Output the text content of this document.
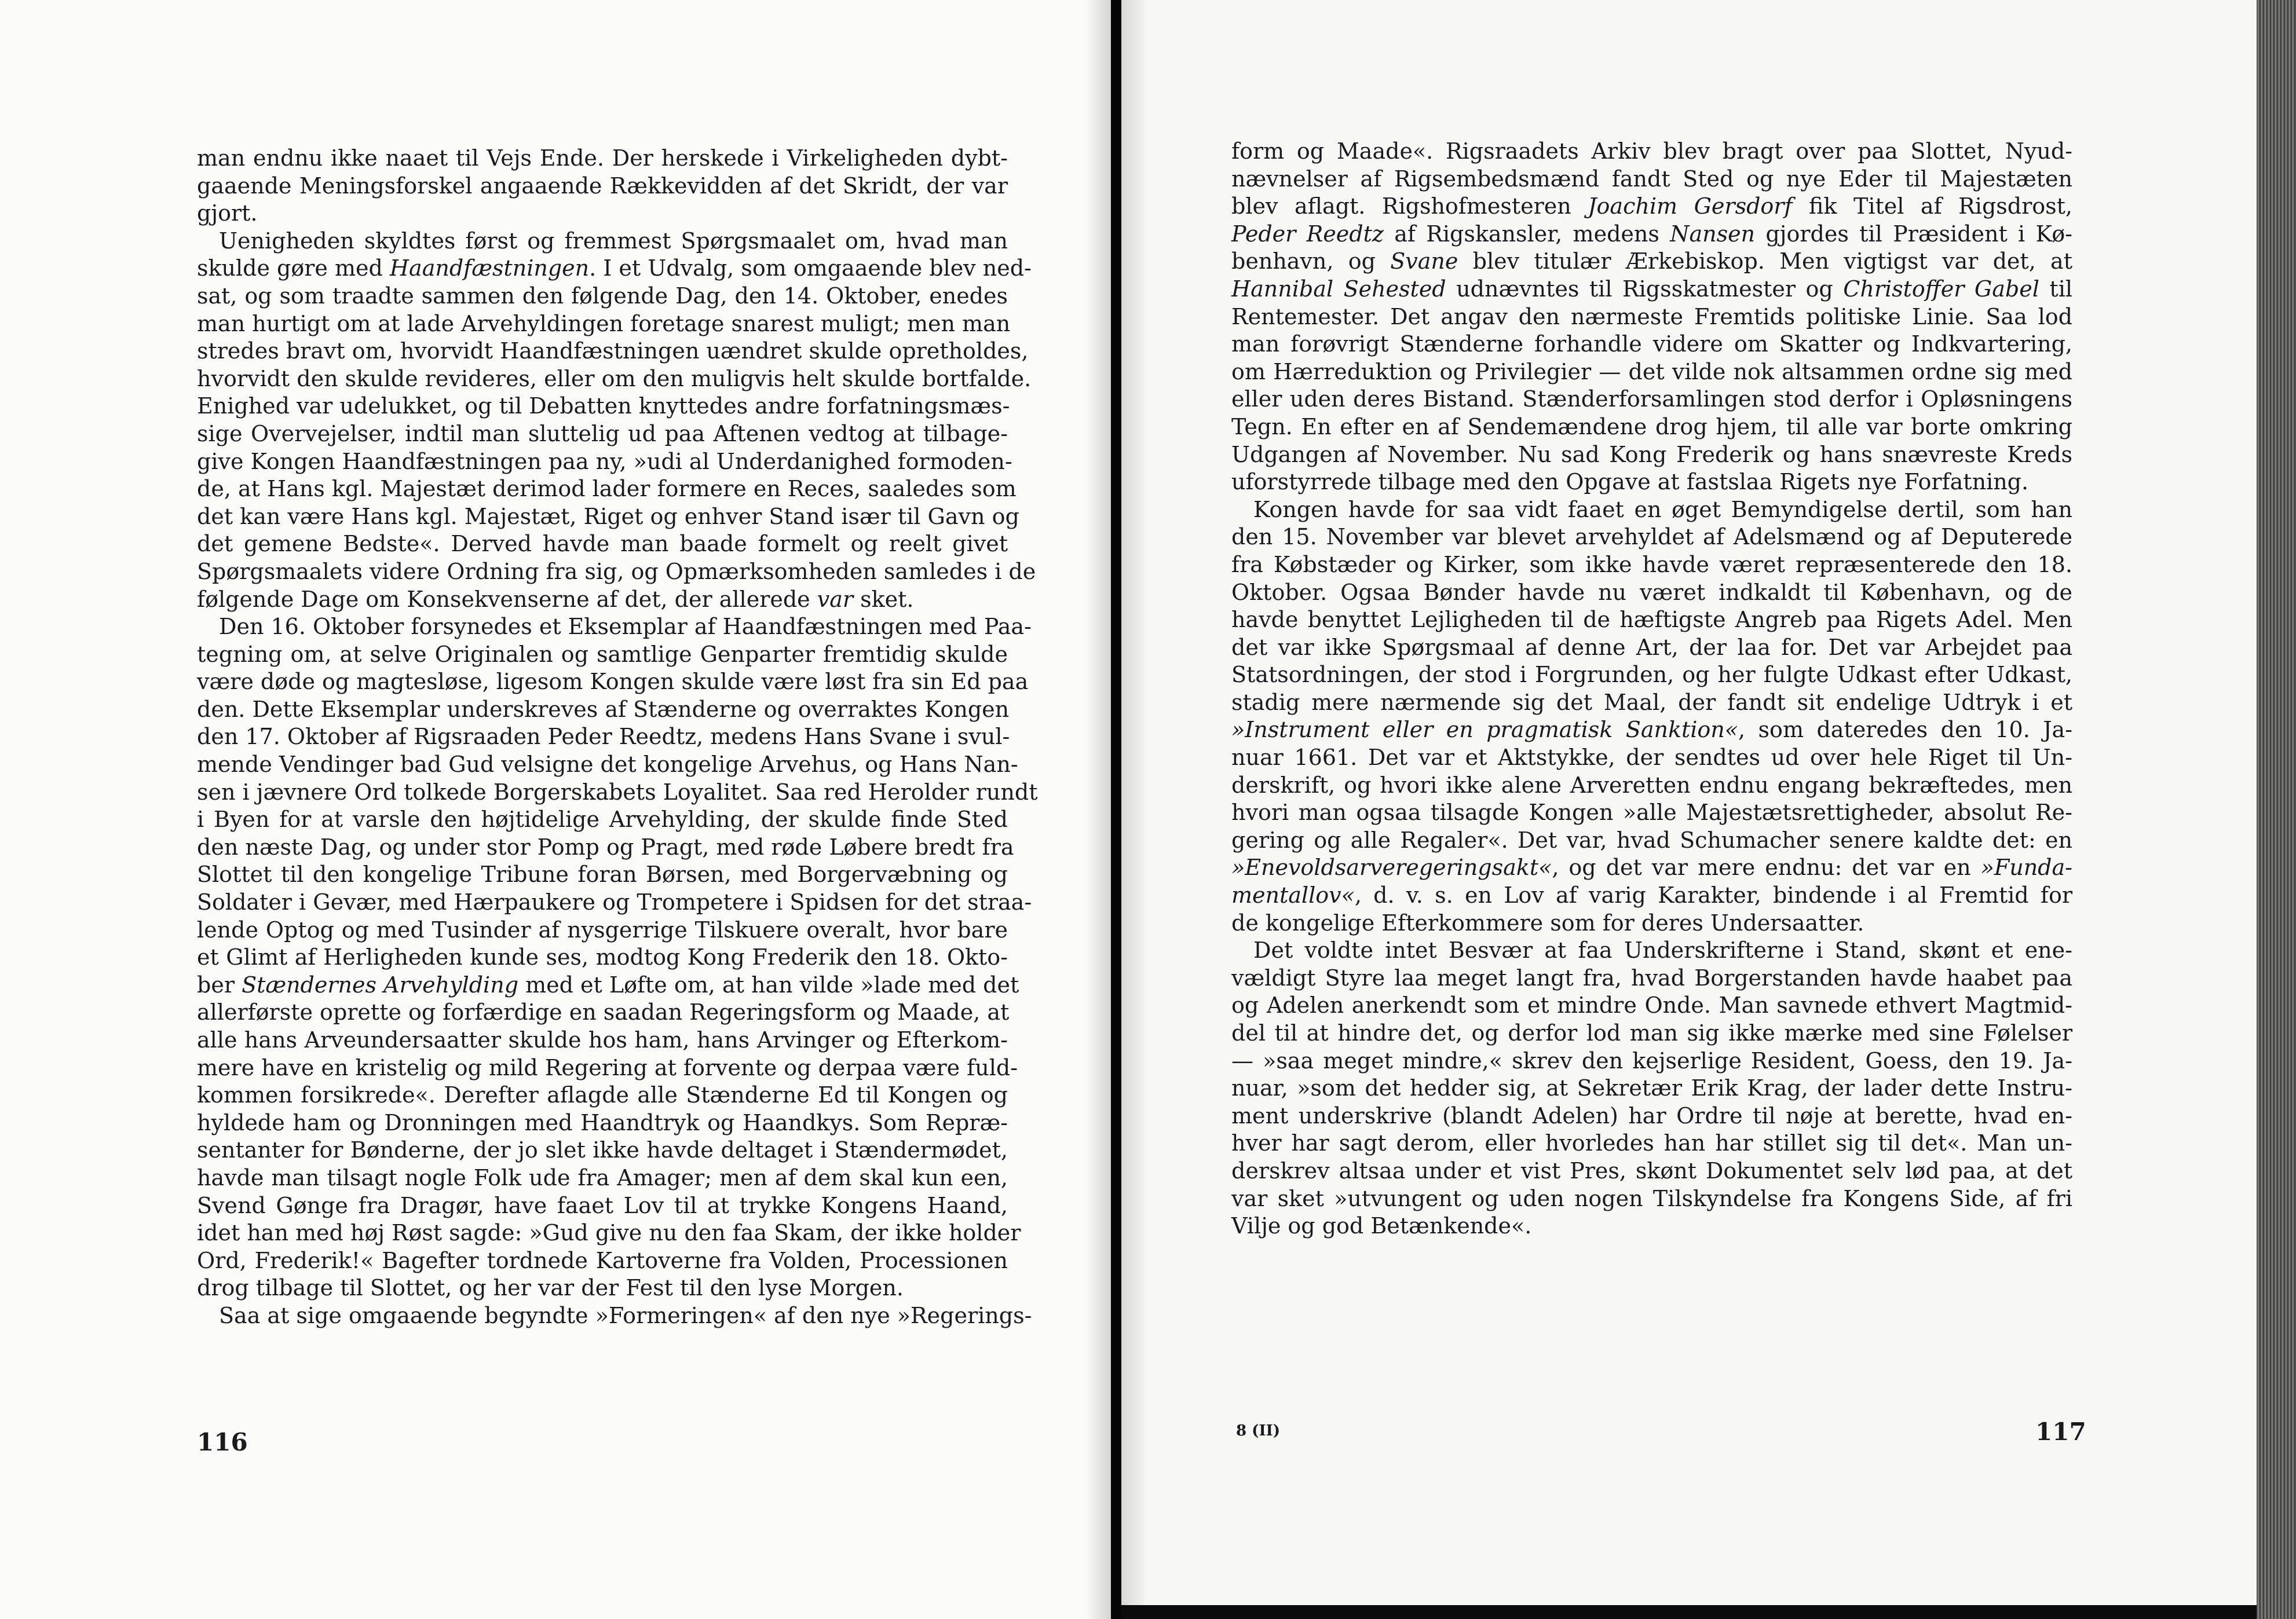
man endnu ikke naaet til Vejs Ende. Der herskede i Virkeligheden dybt-
gaaende Meningsforskel angaaende Rækkevidden af det Skridt, der var
gjort.
Uenigheden skyldtes først og fremmest Spørgsmaalet om, hvad man
skulde gøre med Haandfæstningen. I et Udvalg, som omgaaende blev ned-
sat, og som traadte sammen den følgende Dag, den 14. Oktober, enedes
man hurtigt om at lade Arvehyldingen foretage snarest muligt; men man
stredes bravt om, hvorvidt Haandfæstningen uændret skulde opretholdes,
hvorvidt den skulde revideres, eller om den muligvis helt skulde bortfalde.
Enighed var udelukket, og til Debatten knyttedes andre forfatningsmæs-
sige Overvejelser, indtil man sluttelig ud paa Aftenen vedtog at tilbage-
give Kongen Haandfæstningen paa ny, »udi al Underdanighed formoden-
de, at Hans kgl. Majestæt derimod lader formere en Reces, saaledes som
det kan være Hans kgl. Majestæt, Riget og enhver Stand især til Gavn og
det gemene Bedste«. Derved havde man baade formelt og reelt givet
Spørgsmaalets videre Ordning fra sig, og Opmærksomheden samledes i de
følgende Dage om Konsekvenserne af det, der allerede var sket.
Den 16. Oktober forsynedes et Eksemplar af Haandfæstningen med Paa-
tegning om, at selve Originalen og samtlige Genparter fremtidig skulde
være døde og magtesløse, ligesom Kongen skulde være løst fra sin Ed paa
den. Dette Eksemplar underskreves af Stænderne og overraktes Kongen
den 17. Oktober af Rigsraaden Peder Reedtz, medens Hans Svane i svul-
mende Vendinger bad Gud velsigne det kongelige Arvehus, og Hans Nan-
sen i jævnere Ord tolkede Borgerskabets Loyalitet. Saa red Herolder rundt
i Byen for at varsle den højtidelige Arvehylding, der skulde finde Sted
den næste Dag, og under stor Pomp og Pragt, med røde Løbere bredt fra
Slottet til den kongelige Tribune foran Børsen, med Borgervæbning og
Soldater i Gevær, med Hærpaukere og Trompetere i Spidsen for det straa-
lende Optog og med Tusinder af nysgerrige Tilskuere overalt, hvor bare
et Glimt af Herligheden kunde ses, modtog Kong Frederik den 18. Okto-
ber Stændernes Arvehylding med et Løfte om, at han vilde »lade med det
allerførste oprette og forfærdige en saadan Regeringsform og Maade, at
alle hans Arveundersaatter skulde hos ham, hans Arvinger og Efterkom-
mere have en kristelig og mild Regering at forvente og derpaa være fuld-
kommen forsikrede«. Derefter aflagde alle Stænderne Ed til Kongen og
hyldede ham og Dronningen med Haandtryk og Haandkys. Som Repræ-
sentanter for Bønderne, der jo slet ikke havde deltaget i Stændermødet,
havde man tilsagt nogle Folk ude fra Amager; men af dem skal kun een,
Svend Gønge fra Dragør, have faaet Lov til at trykke Kongens Haand,
idet han med høj Røst sagde: »Gud give nu den faa Skam, der ikke holder
Ord, Frederik!« Bagefter tordnede Kartoverne fra Volden, Processionen
drog tilbage til Slottet, og her var der Fest til den lyse Morgen.
Saa at sige omgaaende begyndte »Formeringen« af den nye »Regerings-
116
form og Maade«. Rigsraadets Arkiv blev bragt over paa Slottet, Nyud-
nævnelser af Rigsembedsmænd fandt Sted og nye Eder til Majestæten
blev aflagt. Rigshofmesteren Joachim Gersdorf fik Titel af Rigsdrost,
Peder Reedtz af Rigskansler, medens Nansen gjordes til Præsident i Kø-
benhavn, og Svane blev titulær Ærkebiskop. Men vigtigst var det, at
Hannibal Sehested udnævntes til Rigsskatmester og Christoffer Gabel til
Rentemester. Det angav den nærmeste Fremtids politiske Linie. Saa lod
man forøvrigt Stænderne forhandle videre om Skatter og Indkvartering,
om Hærreduktion og Privilegier — det vilde nok altsammen ordne sig med
eller uden deres Bistand. Stænderforsamlingen stod derfor i Opløsningens
Tegn. En efter en af Sendemændene drog hjem, til alle var borte omkring
Udgangen af November. Nu sad Kong Frederik og hans snævreste Kreds
uforstyrrede tilbage med den Opgave at fastslaa Rigets nye Forfatning.
Kongen havde for saa vidt faaet en øget Bemyndigelse dertil, som han
den 15. November var blevet arvehyldet af Adelsmænd og af Deputerede
fra Købstæder og Kirker, som ikke havde været repræsenterede den 18.
Oktober. Ogsaa Bønder havde nu været indkaldt til København, og de
havde benyttet Lejligheden til de hæftigste Angreb paa Rigets Adel. Men
det var ikke Spørgsmaal af denne Art, der laa for. Det var Arbejdet paa
Statsordningen, der stod i Forgrunden, og her fulgte Udkast efter Udkast,
stadig mere nærmende sig det Maal, der fandt sit endelige Udtryk i et
»Instrument eller en pragmatisk Sanktion«, som dateredes den 10. Ja-
nuar 1661. Det var et Aktstykke, der sendtes ud over hele Riget til Un-
derskrift, og hvori ikke alene Arveretten endnu engang bekræftedes, men
hvori man ogsaa tilsagde Kongen »alle Majestætsrettigheder, absolut Re-
gering og alle Regaler«. Det var, hvad Schumacher senere kaldte det: en
»Enevoldsarveregeringsakt«, og det var mere endnu: det var en »Funda-
mentallov«, d. v. s. en Lov af varig Karakter, bindende i al Fremtid for
de kongelige Efterkommere som for deres Undersaatter.
Det voldte intet Besvær at faa Underskrifterne i Stand, skønt et ene-
vældigt Styre laa meget langt fra, hvad Borgerstanden havde haabet paa
og Adelen anerkendt som et mindre Onde. Man savnede ethvert Magtmid-
del til at hindre det, og derfor lod man sig ikke mærke med sine Følelser
— »saa meget mindre,« skrev den kejserlige Resident, Goess, den 19. Ja-
nuar, »som det hedder sig, at Sekretær Erik Krag, der lader dette Instru-
ment underskrive (blandt Adelen) har Ordre til nøje at berette, hvad en-
hver har sagt derom, eller hvorledes han har stillet sig til det«. Man un-
derskrev altsaa under et vist Pres, skønt Dokumentet selv lød paa, at det
var sket »utvungent og uden nogen Tilskyndelse fra Kongens Side, af fri
Vilje og god Betænkende«.
8 (II)	117
